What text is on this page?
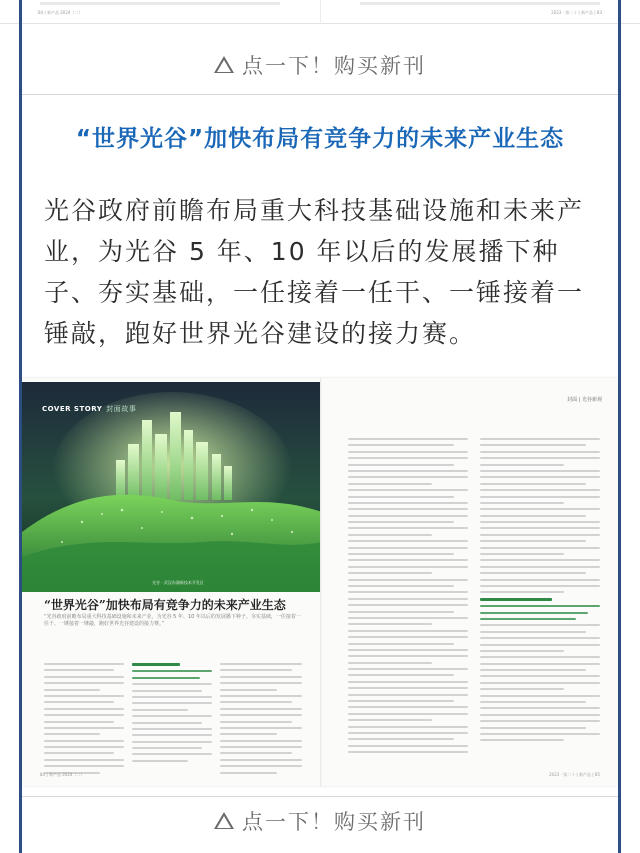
84 | 新产品 2024（二）	2023 · 第二十 | 新产品 | 83
点一下！购买新刊
“世界光谷”加快布局有竞争力的未来产业生态

光谷政府前瞻布局重大科技基础设施和未来产业，为光谷 5 年、10 年以后的发展播下种子、夯实基础，一任接着一任干、一锤接着一锤敲，跑好世界光谷建设的接力赛。

COVER STORY 封面故事
光谷 · 武汉东湖新技术开发区
“世界光谷”加快布局有竞争力的未来产业生态
“光谷政府前瞻布局重大科技基础设施和未来产业，为光谷 5 年、10 年以后的发展播下种子、夯实基础，一任接着一任干、一锤接着一锤敲，跑好世界光谷建设的接力赛。”
封面 | 光谷新观
84 | 新产品 2024（二）	2023 · 第二十 | 新产品 | 85
点一下！购买新刊
